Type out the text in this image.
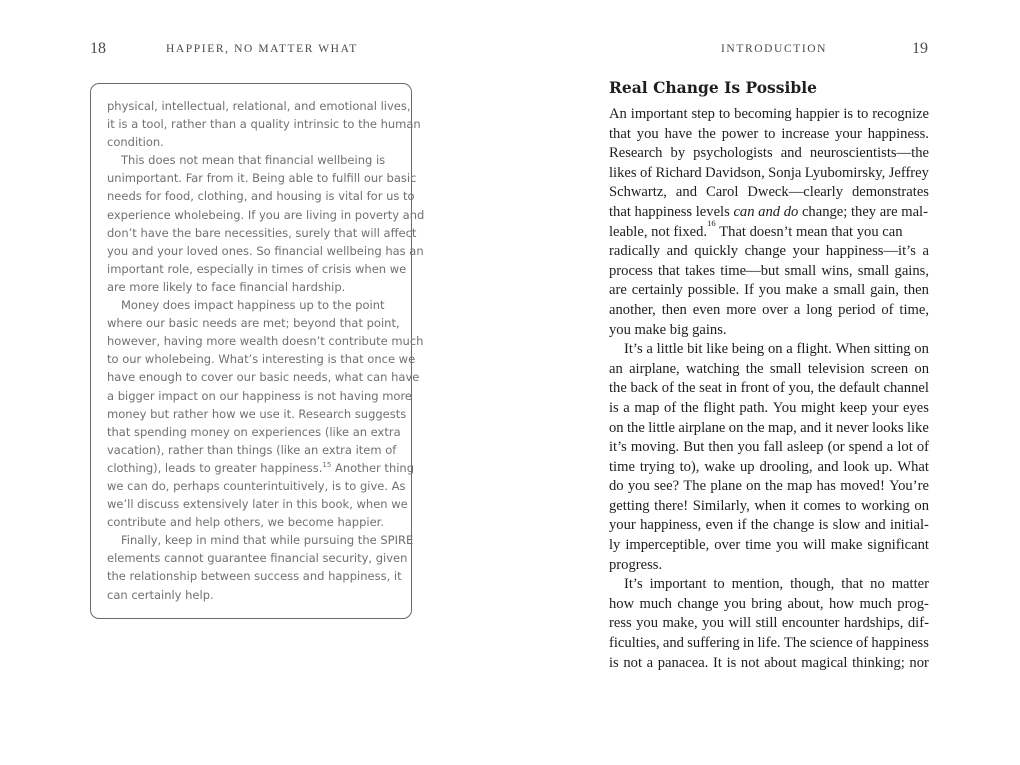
18	HAPPIER, NO MATTER WHAT

physical, intellectual, relational, and emotional lives,

it is a tool, rather than a quality intrinsic to the human

condition.

This does not mean that financial wellbeing is

unimportant. Far from it. Being able to fulfill our basic

needs for food, clothing, and housing is vital for us to

experience wholebeing. If you are living in poverty and

don’t have the bare necessities, surely that will affect

you and your loved ones. So financial wellbeing has an

important role, especially in times of crisis when we

are more likely to face financial hardship.

Money does impact happiness up to the point

where our basic needs are met; beyond that point,

however, having more wealth doesn’t contribute much

to our wholebeing. What’s interesting is that once we

have enough to cover our basic needs, what can have

a bigger impact on our happiness is not having more

money but rather how we use it. Research suggests

that spending money on experiences (like an extra

vacation), rather than things (like an extra item of

clothing), leads to greater happiness.$^{15}$ Another thing

we can do, perhaps counterintuitively, is to give. As

we’ll discuss extensively later in this book, when we

contribute and help others, we become happier.

Finally, keep in mind that while pursuing the SPIRE

elements cannot guarantee financial security, given

the relationship between success and happiness, it

can certainly help.

INTRODUCTION	19
Real Change Is Possible
An important step to becoming happier is to recognize
that you have the power to increase your happiness.
Research by psychologists and neuroscientists—the
likes of Richard Davidson, Sonja Lyubomirsky, Jeffrey
Schwartz, and Carol Dweck—clearly demonstrates
that happiness levels
can and do
change; they are mal-
leable, not fixed.
16

That doesn’t mean that you can
radically and quickly change your happiness—it’s a
process that takes time—but small wins, small gains,
are certainly possible. If you make a small gain, then
another, then even more over a long period of time,
you make big gains.
It’s a little bit like being on a flight. When sitting on
an airplane, watching the small television screen on
the back of the seat in front of you, the default channel
is a map of the flight path. You might keep your eyes
on the little airplane on the map, and it never looks like
it’s moving. But then you fall asleep (or spend a lot of
time trying to), wake up drooling, and look up. What
do you see? The plane on the map has moved! You’re
getting there! Similarly, when it comes to working on
your happiness, even if the change is slow and initial-
ly imperceptible, over time you will make significant
progress.
It’s important to mention, though, that no matter
how much change you bring about, how much prog-
ress you make, you will still encounter hardships, dif-
ficulties, and suffering in life. The science of happiness
is not a panacea. It is not about magical thinking; nor
